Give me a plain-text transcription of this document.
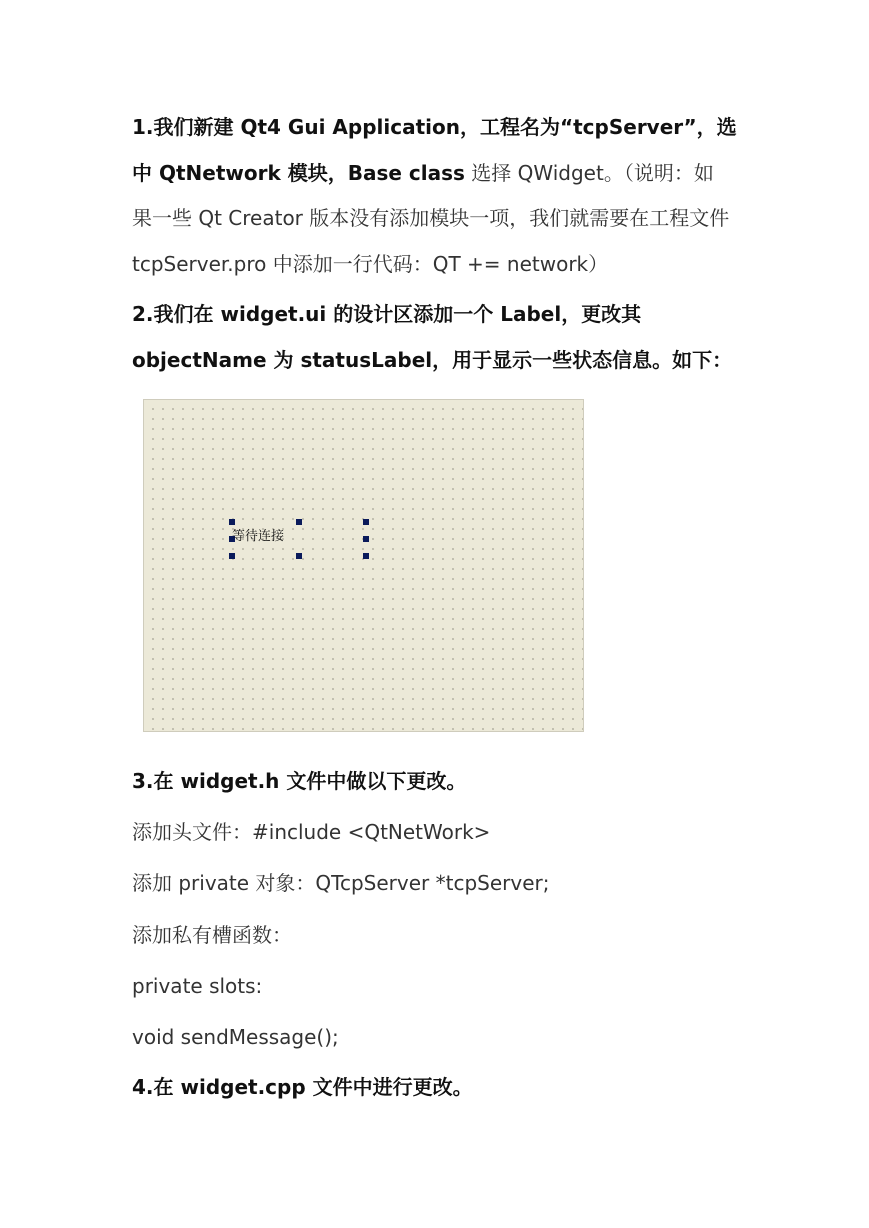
1.我们新建 Qt4 Gui Application，工程名为“tcpServer”，选
中 QtNetwork 模块，Base class 选择 QWidget。（说明：如
果一些 Qt Creator 版本没有添加模块一项，我们就需要在工程文件
tcpServer.pro 中添加一行代码：QT += network）
2.我们在 widget.ui 的设计区添加一个 Label，更改其
objectName 为 statusLabel，用于显示一些状态信息。如下：
等待连接
3.在 widget.h 文件中做以下更改。
添加头文件：#include <QtNetWork>
添加 private 对象：QTcpServer *tcpServer;
添加私有槽函数：
private slots:
void sendMessage();
4.在 widget.cpp 文件中进行更改。
